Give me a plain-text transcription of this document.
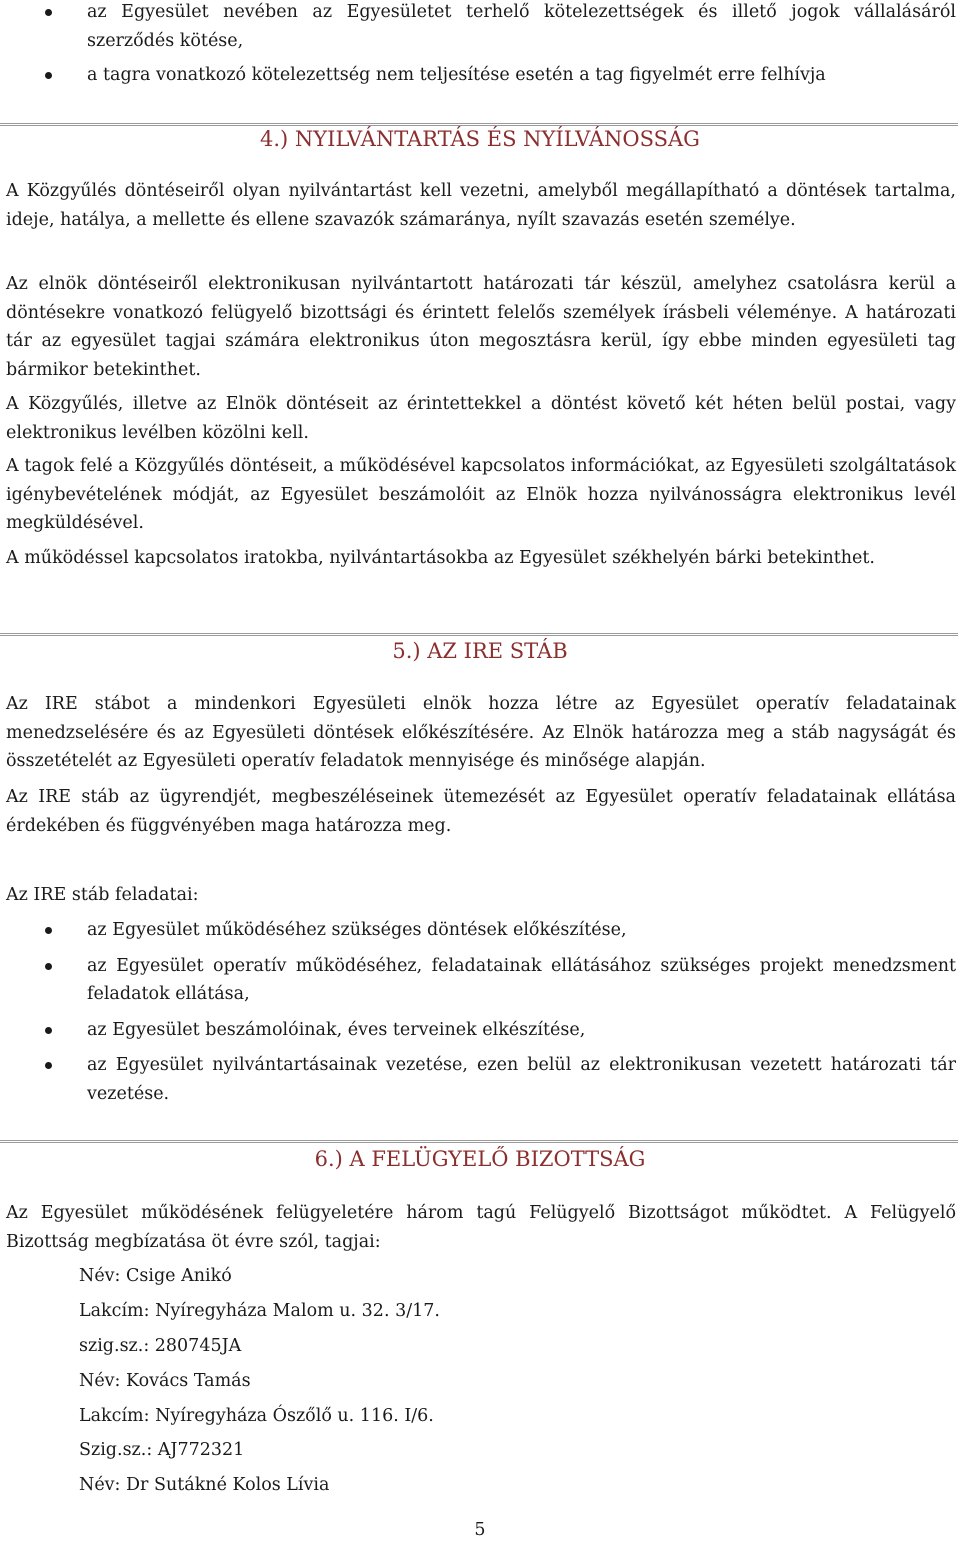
az Egyesület nevében az Egyesületet terhelő kötelezettségek és illető jogok vállalásáról szerződés kötése,
a tagra vonatkozó kötelezettség nem teljesítése esetén a tag figyelmét erre felhívja
4.) NYILVÁNTARTÁS ÉS NYÍLVÁNOSSÁG

A Közgyűlés döntéseiről olyan nyilvántartást kell vezetni, amelyből megállapítható a döntések tartalma, ideje, hatálya, a mellette és ellene szavazók számaránya, nyílt szavazás esetén személye.

Az elnök döntéseiről elektronikusan nyilvántartott határozati tár készül, amelyhez csatolásra kerül a döntésekre vonatkozó felügyelő bizottsági és érintett felelős személyek írásbeli véleménye. A határozati tár az egyesület tagjai számára elektronikus úton megosztásra kerül, így ebbe minden egyesületi tag bármikor betekinthet.

A Közgyűlés, illetve az Elnök döntéseit az érintettekkel a döntést követő két héten belül postai, vagy elektronikus levélben közölni kell.

A tagok felé a Közgyűlés döntéseit, a működésével kapcsolatos információkat, az Egyesületi szolgáltatások igénybevételének módját, az Egyesület beszámolóit az Elnök hozza nyilvánosságra elektronikus levél megküldésével.

A működéssel kapcsolatos iratokba, nyilvántartásokba az Egyesület székhelyén bárki betekinthet.

5.) AZ IRE STÁB

Az IRE stábot a mindenkori Egyesületi elnök hozza létre az Egyesület operatív feladatainak menedzselésére és az Egyesületi döntések előkészítésére. Az Elnök határozza meg a stáb nagyságát és összetételét az Egyesületi operatív feladatok mennyisége és minősége alapján.

Az IRE stáb az ügyrendjét, megbeszéléseinek ütemezését az Egyesület operatív feladatainak ellátása érdekében és függvényében maga határozza meg.

Az IRE stáb feladatai:

az Egyesület működéséhez szükséges döntések előkészítése,
az Egyesület operatív működéséhez, feladatainak ellátásához szükséges projekt menedzsment feladatok ellátása,
az Egyesület beszámolóinak, éves terveinek elkészítése,
az Egyesület nyilvántartásainak vezetése, ezen belül az elektronikusan vezetett határozati tár vezetése.
6.) A FELÜGYELŐ BIZOTTSÁG

Az Egyesület működésének felügyeletére három tagú Felügyelő Bizottságot működtet. A Felügyelő Bizottság megbízatása öt évre szól, tagjai:

Név: Csige Anikó

Lakcím: Nyíregyháza Malom u. 32. 3/17.

szig.sz.: 280745JA

Név: Kovács Tamás

Lakcím: Nyíregyháza Ószőlő u. 116. I/6.

Szig.sz.: AJ772321

Név: Dr Sutákné Kolos Lívia

5
